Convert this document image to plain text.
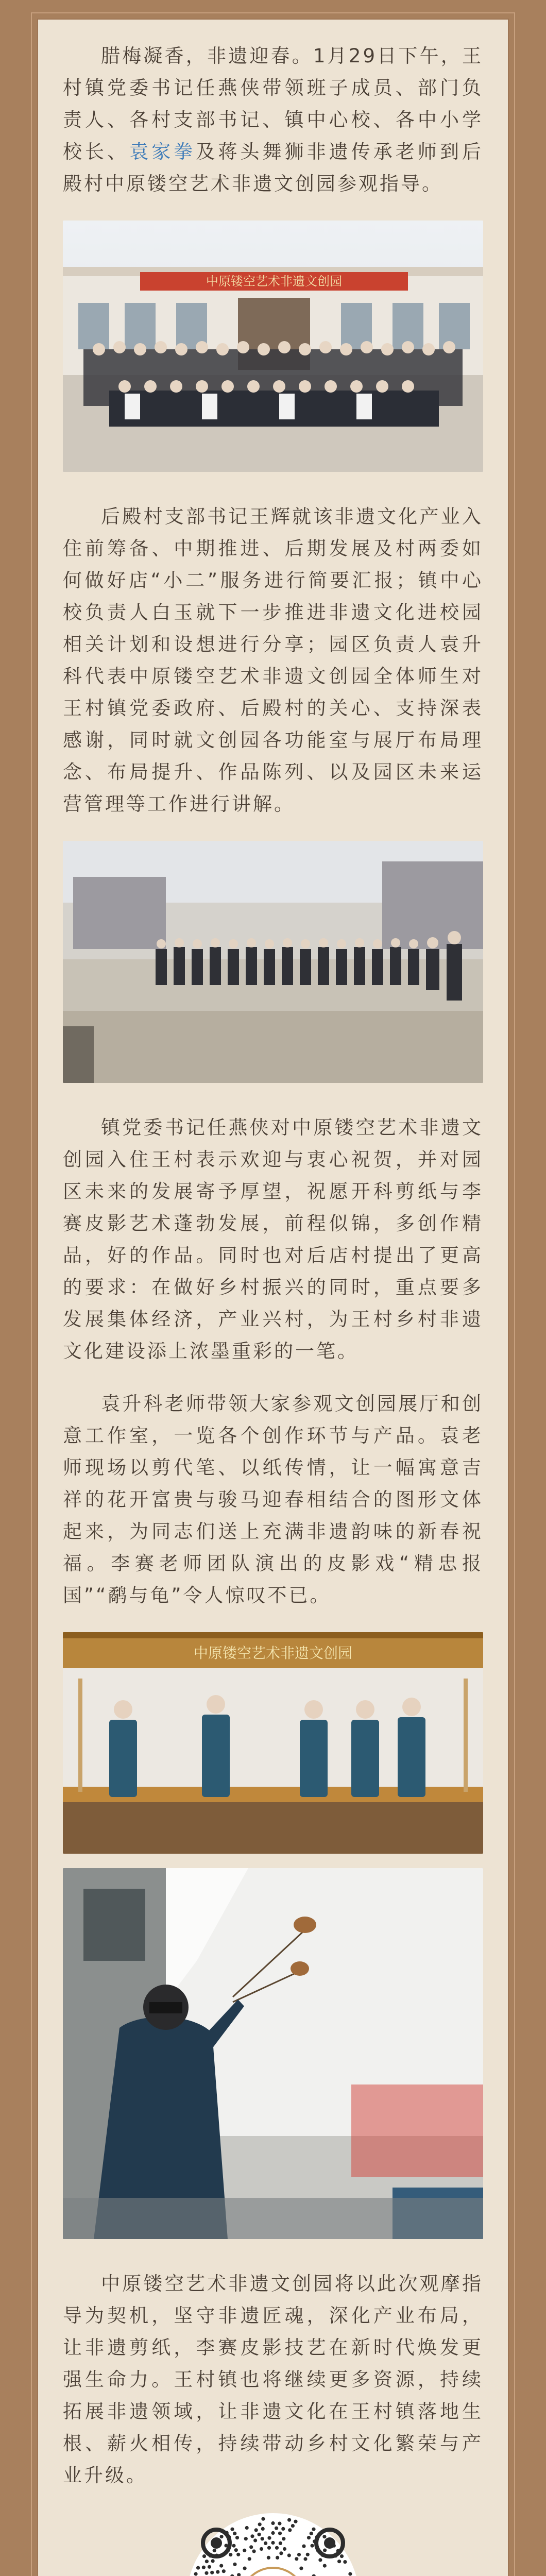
腊梅凝香，非遗迎春。1月29日下午，王村镇党委书记任燕侠带领班子成员、部门负责人、各村支部书记、镇中心校、各中小学校长、袁家拳及蒋头舞狮非遗传承老师到后殿村中原镂空艺术非遗文创园参观指导。

中原镂空艺术非遗文创园

后殿村支部书记王辉就该非遗文化产业入住前筹备、中期推进、后期发展及村两委如何做好店“小二”服务进行简要汇报；镇中心校负责人白玉就下一步推进非遗文化进校园相关计划和设想进行分享；园区负责人袁升科代表中原镂空艺术非遗文创园全体师生对王村镇党委政府、后殿村的关心、支持深表感谢，同时就文创园各功能室与展厅布局理念、布局提升、作品陈列、以及园区未来运营管理等工作进行讲解。

镇党委书记任燕侠对中原镂空艺术非遗文创园入住王村表示欢迎与衷心祝贺，并对园区未来的发展寄予厚望，祝愿开科剪纸与李赛皮影艺术蓬勃发展，前程似锦，多创作精品，好的作品。同时也对后店村提出了更高的要求：在做好乡村振兴的同时，重点要多发展集体经济，产业兴村，为王村乡村非遗文化建设添上浓墨重彩的一笔。

袁升科老师带领大家参观文创园展厅和创意工作室，一览各个创作环节与产品。袁老师现场以剪代笔、以纸传情，让一幅寓意吉祥的花开富贵与骏马迎春相结合的图形文体起来，为同志们送上充满非遗韵味的新春祝福。李赛老师团队演出的皮影戏“精忠报国”“鹬与龟”令人惊叹不已。

中原镂空艺术非遗文创园

中原镂空艺术非遗文创园将以此次观摩指导为契机，坚守非遗匠魂，深化产业布局，让非遗剪纸，李赛皮影技艺在新时代焕发更强生命力。王村镇也将继续更多资源，持续拓展非遗领域，让非遗文化在王村镇落地生根、薪火相传，持续带动乡村文化繁荣与产业升级。
